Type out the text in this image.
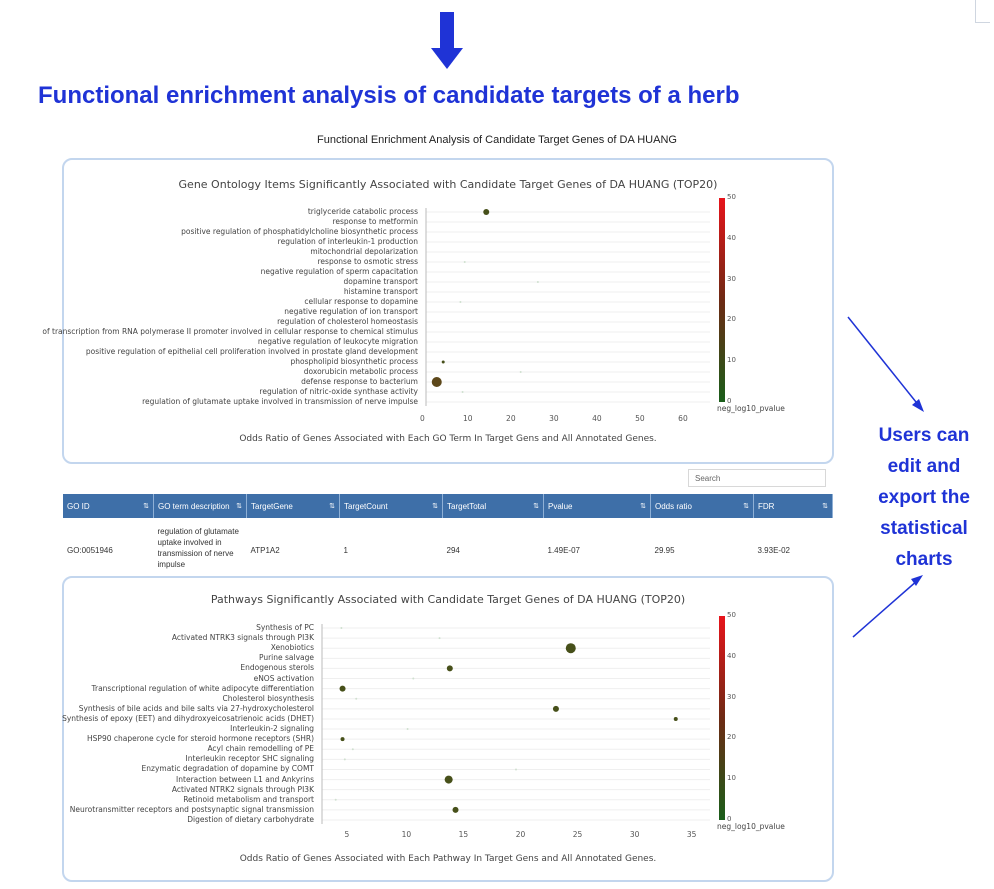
Functional enrichment analysis of candidate targets of a herb
Functional Enrichment Analysis of Candidate Target Genes of DA HUANG
Gene Ontology Items Significantly Associated with Candidate Target Genes of DA HUANG (TOP20)
Odds Ratio of Genes Associated with Each GO Term In Target Gens and All Annotated Genes.
triglyceride catabolic process
response to metformin
positive regulation of phosphatidylcholine biosynthetic process
regulation of interleukin-1 production
mitochondrial depolarization
response to osmotic stress
negative regulation of sperm capacitation
dopamine transport
histamine transport
cellular response to dopamine
negative regulation of ion transport
regulation of cholesterol homeostasis
of transcription from RNA polymerase II promoter involved in cellular response to chemical stimulus
negative regulation of leukocyte migration
positive regulation of epithelial cell proliferation involved in prostate gland development
phospholipid biosynthetic process
doxorubicin metabolic process
defense response to bacterium
regulation of nitric-oxide synthase activity
regulation of glutamate uptake involved in transmission of nerve impulse
0	10	20	30	40	50	60
50
40
30
20
10
0
neg_log10_pvalue
Search
GO ID ⇅	GO term description ⇅	TargetGene ⇅	TargetCount ⇅	TargetTotal ⇅	Pvalue ⇅	Odds ratio ⇅	FDR ⇅

GO:0051946	regulation of glutamate uptake involved in transmission of nerve impulse	ATP1A2	1	294	1.49E-07	29.95	3.93E-02
Pathways Significantly Associated with Candidate Target Genes of DA HUANG (TOP20)
Odds Ratio of Genes Associated with Each Pathway In Target Gens and All Annotated Genes.
Synthesis of PC
Activated NTRK3 signals through PI3K
Xenobiotics
Purine salvage
Endogenous sterols
eNOS activation
Transcriptional regulation of white adipocyte differentiation
Cholesterol biosynthesis
Synthesis of bile acids and bile salts via 27-hydroxycholesterol
Synthesis of epoxy (EET) and dihydroxyeicosatrienoic acids (DHET)
Interleukin-2 signaling
HSP90 chaperone cycle for steroid hormone receptors (SHR)
Acyl chain remodelling of PE
Interleukin receptor SHC signaling
Enzymatic degradation of dopamine by COMT
Interaction between L1 and Ankyrins
Activated NTRK2 signals through PI3K
Retinoid metabolism and transport
Neurotransmitter receptors and postsynaptic signal transmission
Digestion of dietary carbohydrate
5	10	15	20	25	30	35
50
40
30
20
10
0
neg_log10_pvalue
Users can edit and export the statistical charts
